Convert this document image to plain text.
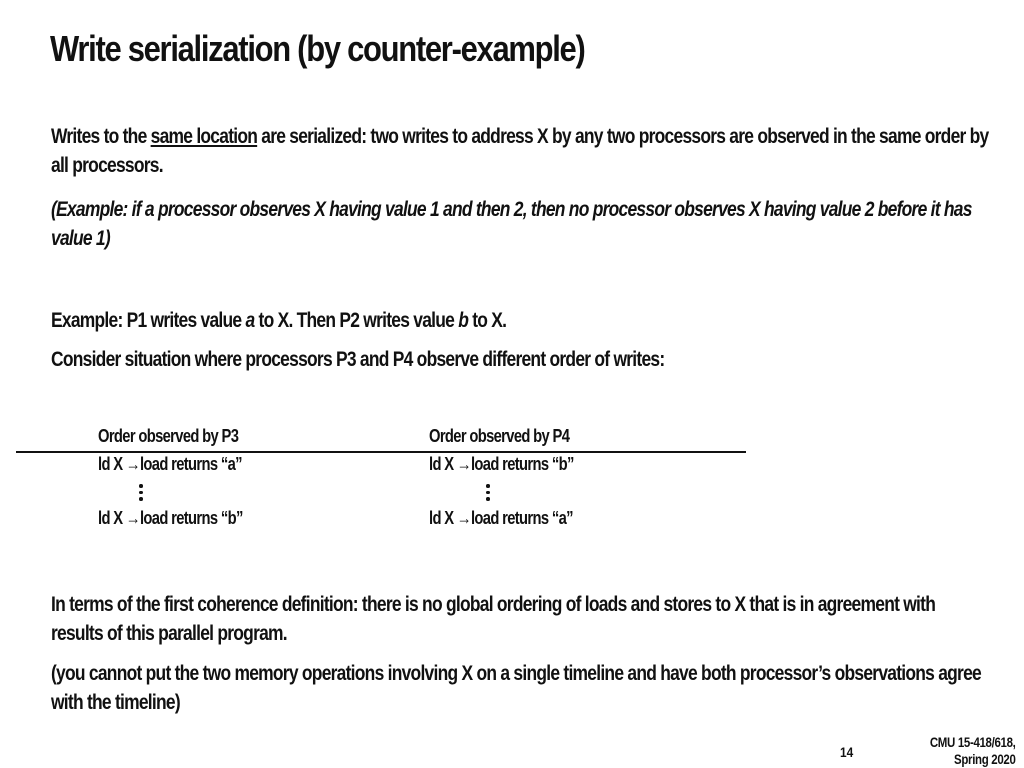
Write serialization (by counter-example)
Writes to the same location are serialized: two writes to address X by any two processors are observed in the same order by all processors.
(Example: if a processor observes X having value 1 and then 2, then no processor observes X having value 2 before it has value 1)
Example: P1 writes value a to X. Then P2 writes value b to X.
Consider situation where processors P3 and P4 observe different order of writes:
Order observed by P3	Order observed by P4
ld X →load returns “a”	ld X →load returns “b”
ld X →load returns “b”	ld X →load returns “a”
In terms of the first coherence definition: there is no global ordering of loads and stores to X that is in agreement with results of this parallel program.
(you cannot put the two memory operations involving X on a single timeline and have both processor’s observations agree with the timeline)
14
CMU 15-418/618,
Spring 2020
